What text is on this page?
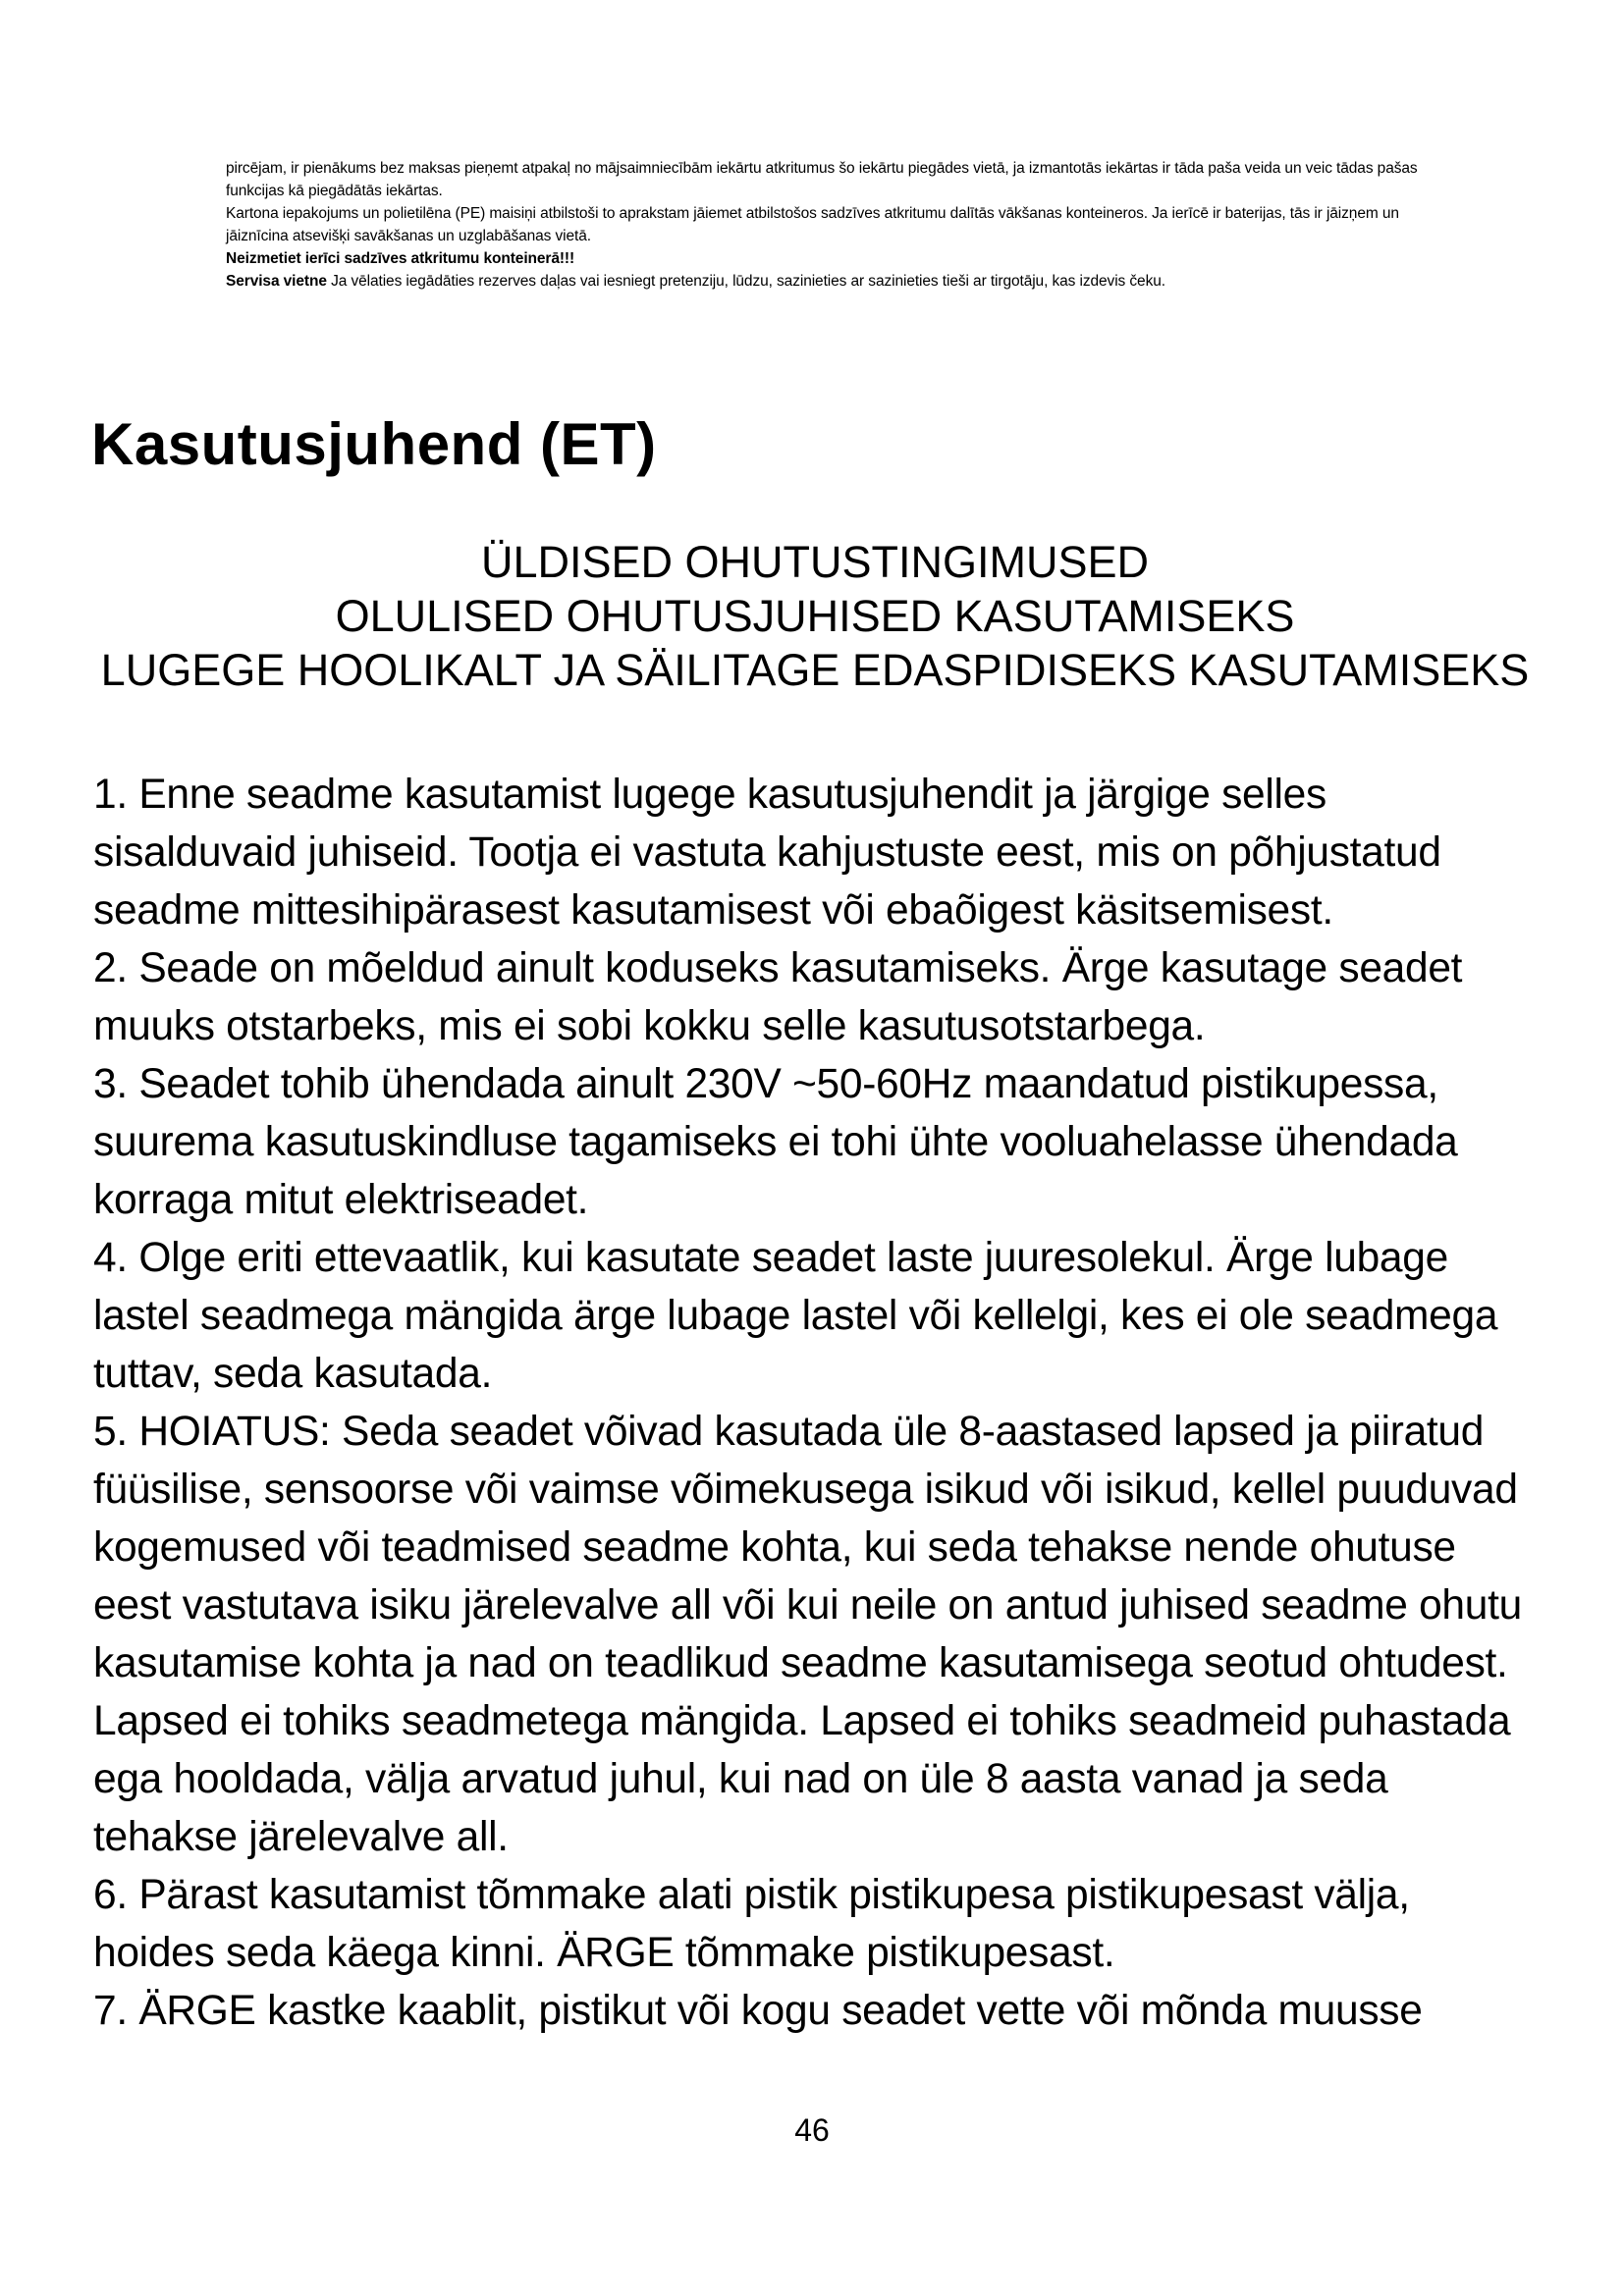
pircējam, ir pienākums bez maksas pieņemt atpakaļ no mājsaimniecībām iekārtu atkritumus šo iekārtu piegādes vietā, ja izmantotās iekārtas ir tāda paša veida un veic tādas pašas funkcijas kā piegādātās iekārtas.

Kartona iepakojums un polietilēna (PE) maisiņi atbilstoši to aprakstam jāiemet atbilstošos sadzīves atkritumu dalītās vākšanas konteineros. Ja ierīcē ir baterijas, tās ir jāizņem un jāiznīcina atsevišķi savākšanas un uzglabāšanas vietā.

Neizmetiet ierīci sadzīves atkritumu konteinerā!!!

Servisa vietne Ja vēlaties iegādāties rezerves daļas vai iesniegt pretenziju, lūdzu, sazinieties ar sazinieties tieši ar tirgotāju, kas izdevis čeku.

Kasutusjuhend (ET)
ÜLDISED OHUTUSTINGIMUSED
OLULISED OHUTUSJUHISED KASUTAMISEKS
LUGEGE HOOLIKALT JA SÄILITAGE EDASPIDISEKS KASUTAMISEKS

1. Enne seadme kasutamist lugege kasutusjuhendit ja järgige selles sisalduvaid juhiseid. Tootja ei vastuta kahjustuste eest, mis on põhjustatud seadme mittesihipärasest kasutamisest või ebaõigest käsitsemisest.

2. Seade on mõeldud ainult koduseks kasutamiseks. Ärge kasutage seadet muuks otstarbeks, mis ei sobi kokku selle kasutusotstarbega.

3. Seadet tohib ühendada ainult 230V ~50-60Hz maandatud pistikupessa, suurema kasutuskindluse tagamiseks ei tohi ühte vooluahelasse ühendada korraga mitut elektriseadet.

4. Olge eriti ettevaatlik, kui kasutate seadet laste juuresolekul. Ärge lubage lastel seadmega mängida ärge lubage lastel või kellelgi, kes ei ole seadmega tuttav, seda kasutada.

5. HOIATUS: Seda seadet võivad kasutada üle 8-aastased lapsed ja piiratud füüsilise, sensoorse või vaimse võimekusega isikud või isikud, kellel puuduvad kogemused või teadmised seadme kohta, kui seda tehakse nende ohutuse eest vastutava isiku järelevalve all või kui neile on antud juhised seadme ohutu kasutamise kohta ja nad on teadlikud seadme kasutamisega seotud ohtudest. Lapsed ei tohiks seadmetega mängida. Lapsed ei tohiks seadmeid puhastada ega hooldada, välja arvatud juhul, kui nad on üle 8 aasta vanad ja seda tehakse järelevalve all.

6. Pärast kasutamist tõmmake alati pistik pistikupesa pistikupesast välja, hoides seda käega kinni. ÄRGE tõmmake pistikupesast.

7. ÄRGE kastke kaablit, pistikut või kogu seadet vette või mõnda muusse

46
